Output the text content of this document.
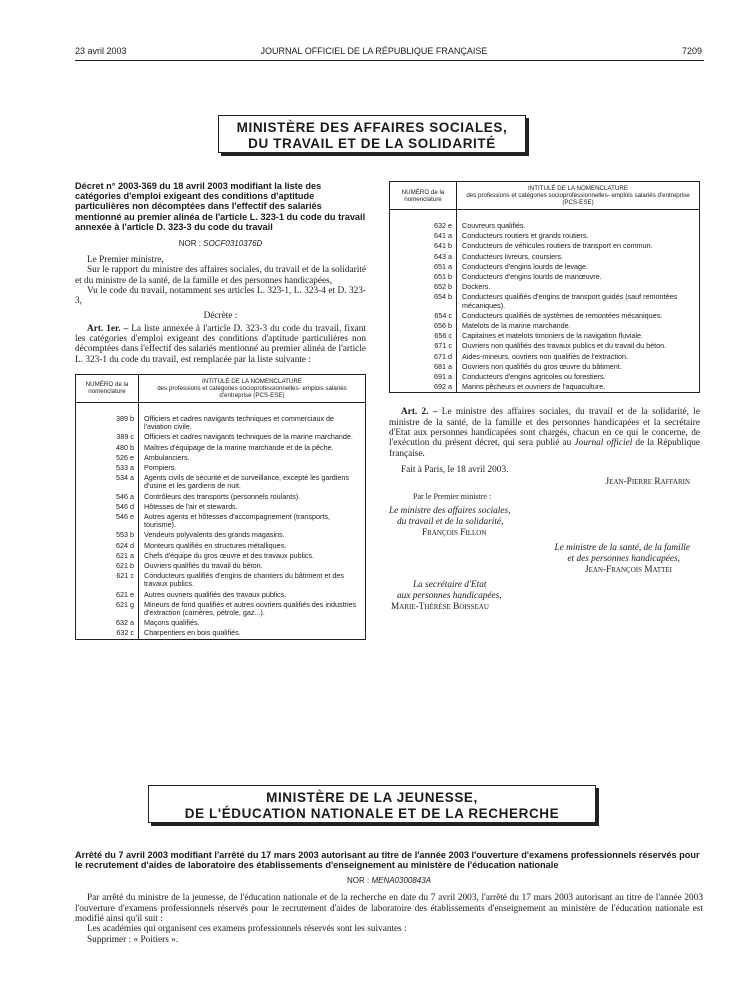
23 avril 2003	JOURNAL OFFICIEL DE LA RÉPUBLIQUE FRANÇAISE	7209
MINISTÈRE DES AFFAIRES SOCIALES,
DU TRAVAIL ET DE LA SOLIDARITÉ
Décret n° 2003-369 du 18 avril 2003 modifiant la liste des catégories d'emploi exigeant des conditions d'aptitude particulières non décomptées dans l'effectif des salariés mentionné au premier alinéa de l'article L. 323-1 du code du travail annexée à l'article D. 323-3 du code du travail
NOR : SOCF0310376D

Le Premier ministre,

Sur le rapport du ministre des affaires sociales, du travail et de la solidarité et du ministre de la santé, de la famille et des personnes handicapées,

Vu le code du travail, notamment ses articles L. 323-1, L. 323-4 et D. 323-3,

Décrète :

Art. 1er. – La liste annexée à l'article D. 323-3 du code du travail, fixant les catégories d'emploi exigeant des conditions d'aptitude particulières non décomptées dans l'effectif des salariés mentionné au premier alinéa de l'article L. 323-1 du code du travail, est remplacée par la liste suivante :

NUMÉRO de la nomenclature	INTITULÉ DE LA NOMENCLATURE
des professions et catégories socioprofessionnelles- emplois salariés d'entreprise (PCS-ESE)

389 b	Officiers et cadres navigants techniques et commerciaux de l'aviation civile.
389 c	Officiers et cadres navigants techniques de la marine marchande.
480 b	Maîtres d'équipage de la marine marchande et de la pêche.
526 e	Ambulanciers.
533 a	Pompiers.
534 a	Agents civils de sécurité et de surveillance, excepté les gardiens d'usine et les gardiens de nuit.
546 a	Contrôleurs des transports (personnels roulants).
546 d	Hôtesses de l'air et stewards.
546 e	Autres agents et hôtesses d'accompagnement (transports, tourisme).
553 b	Vendeurs polyvalents des grands magasins.
624 d	Monteurs qualifiés en structures métalliques.
621 a	Chefs d'équipe du gros œuvre et des travaux publics.
621 b	Ouvriers qualifiés du travail du béton.
621 c	Conducteurs qualifiés d'engins de chantiers du bâtiment et des travaux publics.
621 e	Autres ouvriers qualifiés des travaux publics.
621 g	Mineurs de fond qualifiés et autres ouvriers qualifiés des industries d'extraction (carrières, pétrole, gaz...).
632 a	Maçons qualifiés.
632 c	Charpentiers en bois qualifiés.
NUMÉRO de la nomenclature	INTITULÉ DE LA NOMENCLATURE
des professions et catégories socioprofessionnelles- emplois salariés d'entreprise (PCS-ESE)

632 e	Couvreurs qualifiés.
641 a	Conducteurs routiers et grands routiers.
641 b	Conducteurs de véhicules routiers de transport en commun.
643 a	Conducteurs livreurs, coursiers.
651 a	Conducteurs d'engins lourds de levage.
651 b	Conducteurs d'engins lourds de manœuvre.
652 b	Dockers.
654 b	Conducteurs qualifiés d'engins de transport guidés (sauf remontées mécaniques).
654 c	Conducteurs qualifiés de systèmes de remontées mécaniques.
656 b	Matelots de la marine marchande.
656 c	Capitaines et matelots timoniers de la navigation fluviale.
671 c	Ouvriers non qualifiés des travaux publics et du travail du béton.
671 d	Aides-mineurs, ouvriers non qualifiés de l'extraction.
681 a	Ouvriers non qualifiés du gros œuvre du bâtiment.
691 a	Conducteurs d'engins agricoles ou forestiers.
692 a	Marins pêcheurs et ouvriers de l'aquaculture.

Art. 2. – Le ministre des affaires sociales, du travail et de la solidarité, le ministre de la santé, de la famille et des personnes handicapées et la secrétaire d'Etat aux personnes handicapées sont chargés, chacun en ce qui le concerne, de l'exécution du présent décret, qui sera publié au Journal officiel de la République française.

Fait à Paris, le 18 avril 2003.

Jean-Pierre Raffarin
Par le Premier ministre :
Le ministre des affaires sociales,
du travail et de la solidarité,
François Fillon
Le ministre de la santé, de la famille
et des personnes handicapées,
Jean-François Mattei
La secrétaire d'Etat
aux personnes handicapées,
Marie-Thérèse Boisseau
MINISTÈRE DE LA JEUNESSE,
DE L'ÉDUCATION NATIONALE ET DE LA RECHERCHE
Arrêté du 7 avril 2003 modifiant l'arrêté du 17 mars 2003 autorisant au titre de l'année 2003 l'ouverture d'examens professionnels réservés pour le recrutement d'aides de laboratoire des établissements d'enseignement au ministère de l'éducation nationale
NOR : MENA0300843A

Par arrêté du ministre de la jeunesse, de l'éducation nationale et de la recherche en date du 7 avril 2003, l'arrêté du 17 mars 2003 autorisant au titre de l'année 2003 l'ouverture d'examens professionnels réservés pour le recrutement d'aides de laboratoire des établissements d'enseignement au ministère de l'éducation nationale est modifié ainsi qu'il suit :

Les académies qui organisent ces examens professionnels réservés sont les suivantes :

Supprimer : « Poitiers ».
